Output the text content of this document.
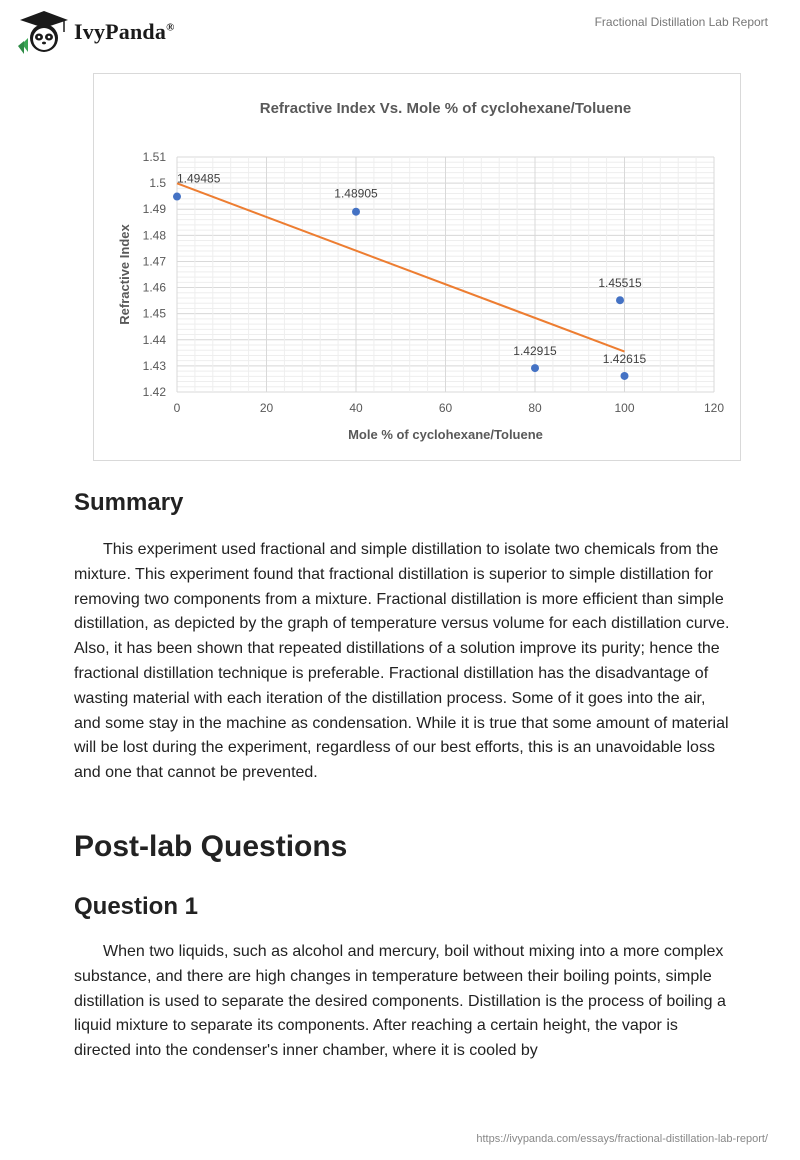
IvyPanda®	Fractional Distillation Lab Report
1.42
1.43
1.44
1.45
1.46
1.47
1.48
1.49
1.5
1.51
0	20	40	60	80	100	120
Refractive Index Vs. Mole % of cyclohexane/Toluene
Mole % of cyclohexane/Toluene
Refractive Index
1.49485
1.48905
1.42915
1.45515
1.42615
Summary

This experiment used fractional and simple distillation to isolate two chemicals from the mixture. This experiment found that fractional distillation is superior to simple distillation for removing two components from a mixture. Fractional distillation is more efficient than simple distillation, as depicted by the graph of temperature versus volume for each distillation curve. Also, it has been shown that repeated distillations of a solution improve its purity; hence the fractional distillation technique is preferable. Fractional distillation has the disadvantage of wasting material with each iteration of the distillation process. Some of it goes into the air, and some stay in the machine as condensation. While it is true that some amount of material will be lost during the experiment, regardless of our best efforts, this is an unavoidable loss and one that cannot be prevented.

Post-lab Questions
Question 1

When two liquids, such as alcohol and mercury, boil without mixing into a more complex substance, and there are high changes in temperature between their boiling points, simple distillation is used to separate the desired components. Distillation is the process of boiling a liquid mixture to separate its components. After reaching a certain height, the vapor is directed into the condenser's inner chamber, where it is cooled by

https://ivypanda.com/essays/fractional-distillation-lab-report/
